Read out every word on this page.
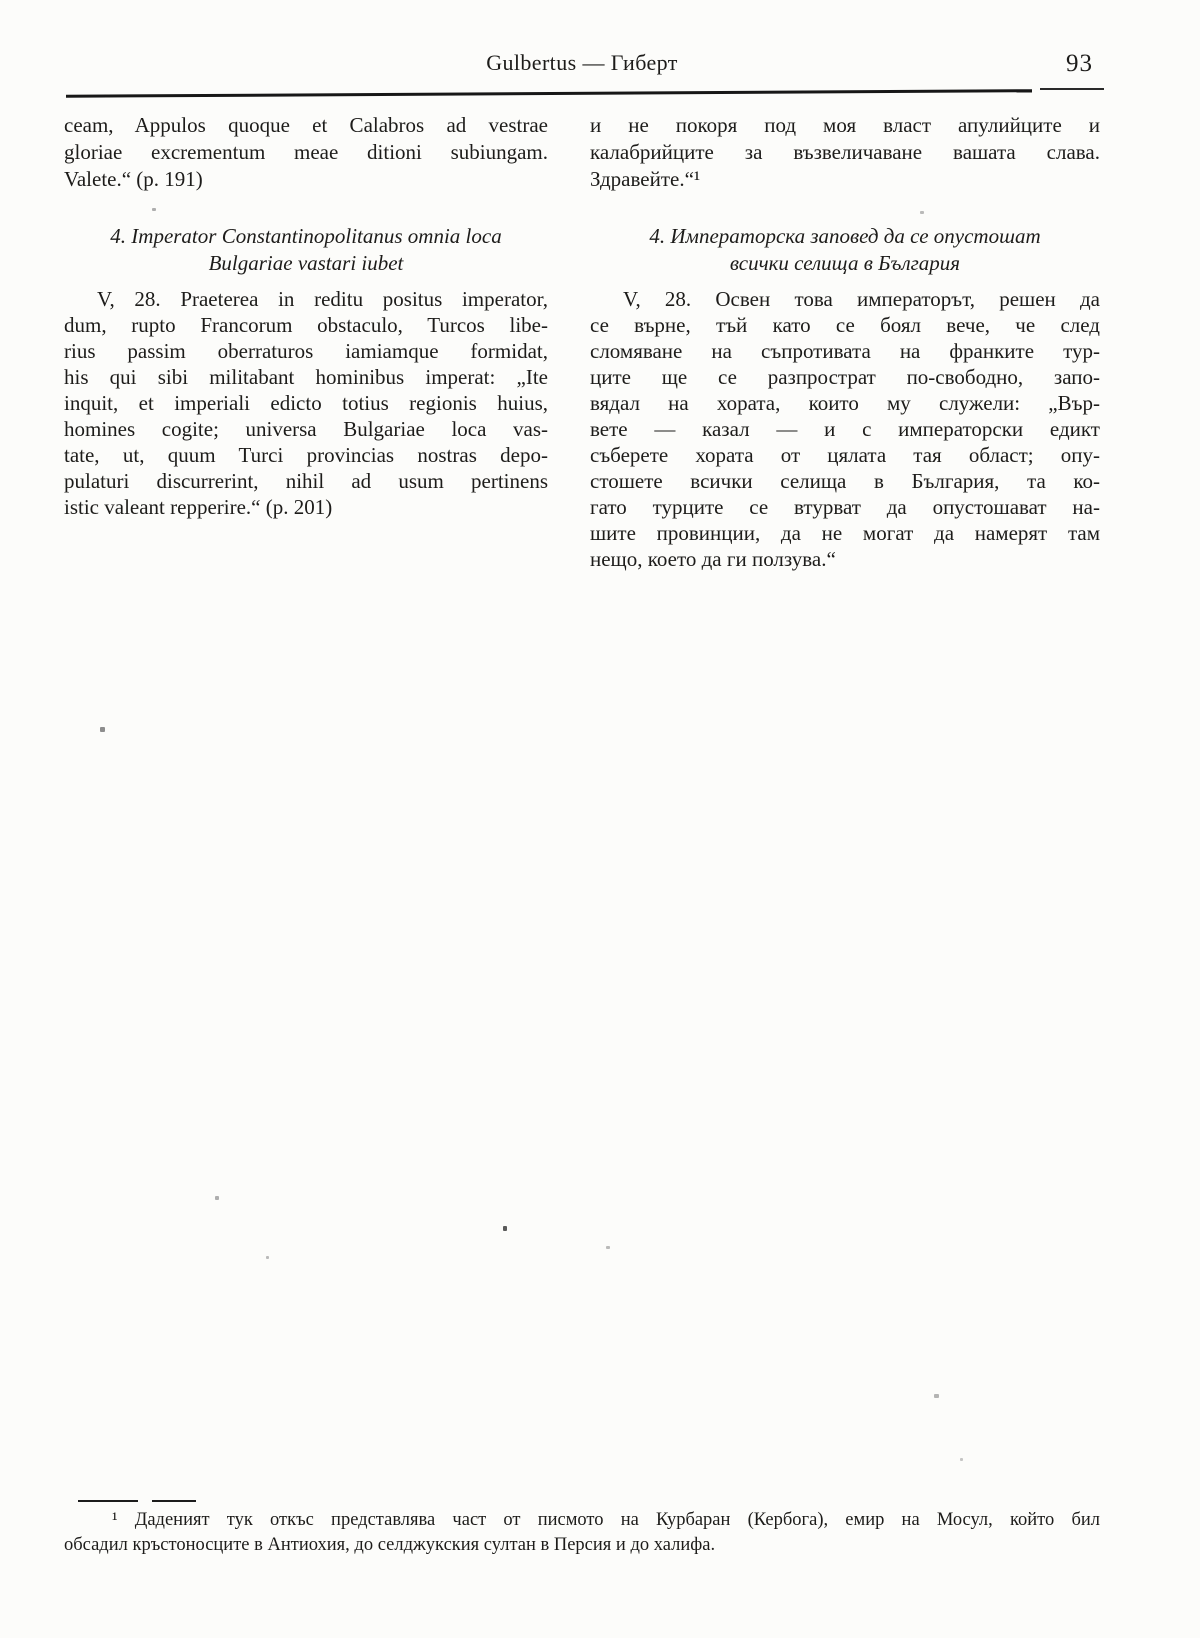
Gulbertus — Гиберт	93
ceam, Appulos quoque et Calabros ad vestrae
gloriae excrementum meae ditioni subiungam.
Valete.“ (p. 191)
4. Imperator Constantinopolitanus omnia loca
Bulgariae vastari iubet
V, 28. Praeterea in reditu positus imperator,
dum, rupto Francorum obstaculo, Turcos libe-
rius passim oberraturos iamiamque formidat,
his qui sibi militabant hominibus imperat: „Ite
inquit, et imperiali edicto totius regionis huius,
homines cogite; universa Bulgariae loca vas-
tate, ut, quum Turci provincias nostras depo-
pulaturi discurrerint, nihil ad usum pertinens
istic valeant repperire.“ (p. 201)
и не покоря под моя власт апулийците и
калабрийците за възвеличаване вашата слава.
Здравейте.“¹
4. Императорска заповед да се опустошат
всички селища в България
V, 28. Освен това императорът, решен да
се върне, тъй като се боял вече, че след
сломяване на съпротивата на франките тур-
ците ще се разпрострат по-свободно, запо-
вядал на хората, които му служели: „Вър-
вете — казал — и с императорски едикт
съберете хората от цялата тая област; опу-
стошете всички селища в България, та ко-
гато турците се втурват да опустошават на-
шите провинции, да не могат да намерят там
нещо, което да ги ползува.“
¹ Даденият тук откъс представлява част от писмото на Курбаран (Кербога), емир на Мосул, който бил
обсадил кръстоносците в Антиохия, до селджукския султан в Персия и до халифа.
